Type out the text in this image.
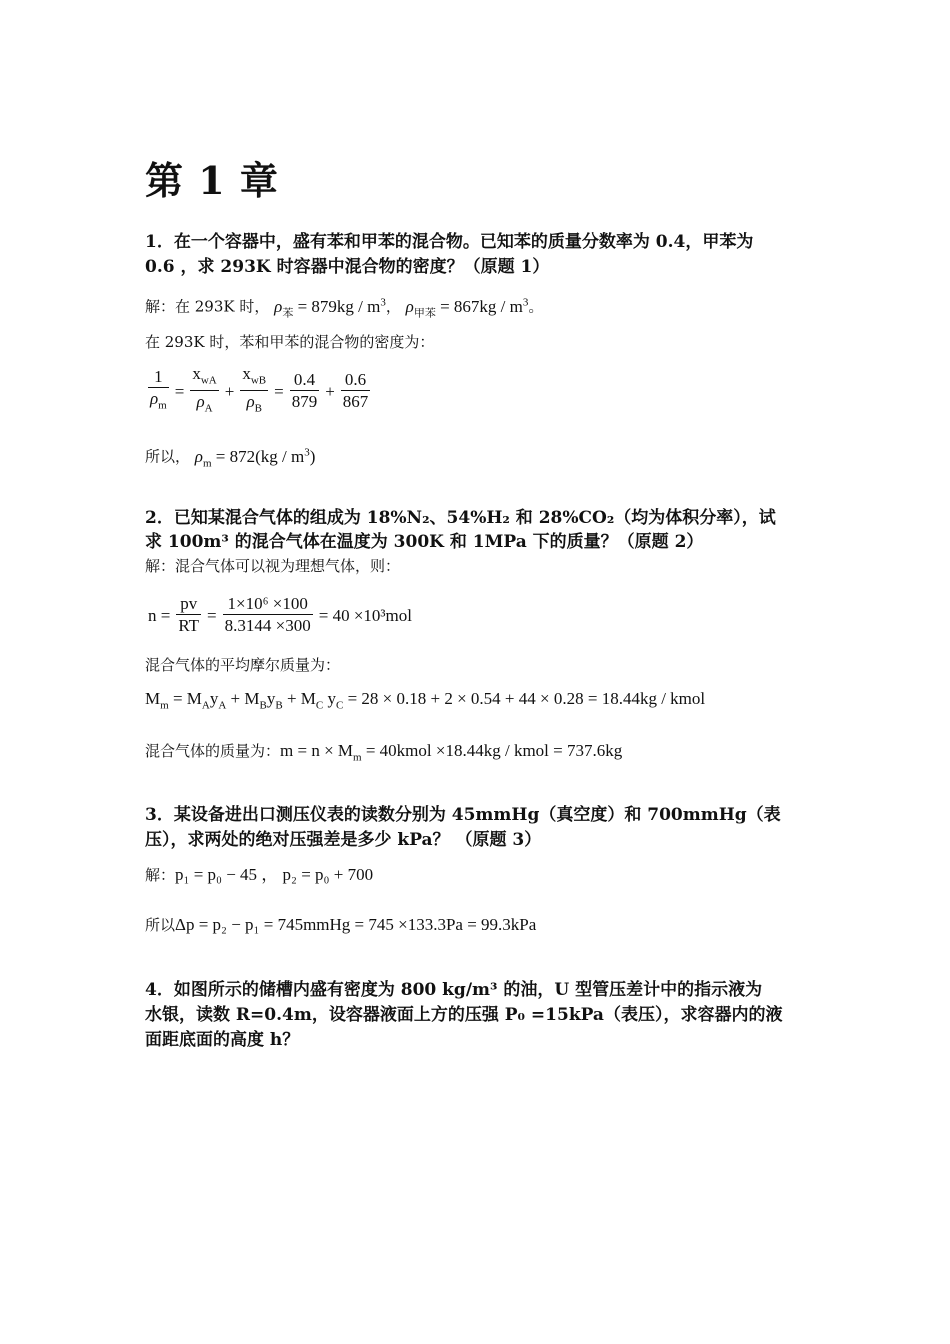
第 1 章
1．在一个容器中，盛有苯和甲苯的混合物。已知苯的质量分数率为 0.4，甲苯为
0.6 ，求 293K 时容器中混合物的密度？（原题 1）
解：在 293K 时， $\rho_苯 = 879kg / m^3$， $\rho_{甲苯} = 867kg / m^3$。
在 293K 时，苯和甲苯的混合物的密度为：
$\frac{1}{\rho_m} = \frac{x_{wA}}{\rho_A} + \frac{x_{wB}}{\rho_B} = \frac{0.4}{879} + \frac{0.6}{867}$
所以， $\rho_m = 872(kg / m^3)$
2．已知某混合气体的组成为 18%N₂、54%H₂ 和 28%CO₂（均为体积分率），试
求 100m³ 的混合气体在温度为 300K 和 1MPa 下的质量？（原题 2）
解：混合气体可以视为理想气体，则：
$n = \frac{pv}{RT} = \frac{\text{1×10⁶ ×100}}{8.3144 \times 300} = 40 \times 10^3mol$
混合气体的平均摩尔质量为：
$M_m = M_Ay_A + M_By_B + M_C$ $y_C = 28 \times 0.18 + 2 \times 0.54 + 44 \times 0.28 = 18.44kg$ / kmol
混合气体的质量为：$m = n \times M_m$ = 40kmol ×18.44kg / kmol = 737.6kg
3．某设备进出口测压仪表的读数分别为 45mmHg（真空度）和 700mmHg（表
压），求两处的绝对压强差是多少 kPa？ （原题 3）
解：p₁ = p₀ − 45 ， p₂ = p₀ + 700
所以Δp = p₂ − p₁ = 745mmHg = 745 ×133.3Pa = 99.3kPa
4．如图所示的储槽内盛有密度为 800 kg/m³ 的油，U 型管压差计中的指示液为
水银，读数 R=0.4m，设容器液面上方的压强 P₀ =15kPa（表压），求容器内的液
面距底面的高度 h？
